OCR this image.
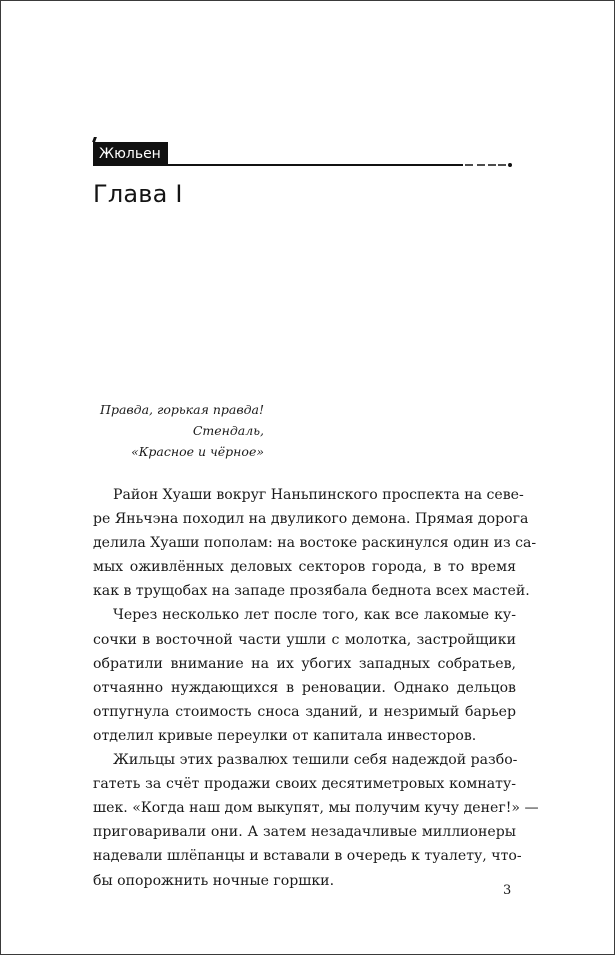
Жюльен
Глава I
Правда, горькая правда!
Стендаль,
«Красное и чёрное»

Район Хуаши вокруг Наньпинского проспекта на севе-
ре Яньчэна походил на двуликого демона. Прямая дорога
делила Хуаши пополам: на востоке раскинулся один из са-
мых оживлённых деловых секторов города, в то время
как в трущобах на западе прозябала беднота всех мастей.

Через несколько лет после того, как все лакомые ку-
сочки в восточной части ушли с молотка, застройщики
обратили внимание на их убогих западных собратьев,
отчаянно нуждающихся в реновации. Однако дельцов
отпугнула стоимость сноса зданий, и незримый барьер
отделил кривые переулки от капитала инвесторов.

Жильцы этих развалюх тешили себя надеждой разбо-
гатеть за счёт продажи своих десятиметровых комнату-
шек. «Когда наш дом выкупят, мы получим кучу денег!» —
приговаривали они. А затем незадачливые миллионеры
надевали шлёпанцы и вставали в очередь к туалету, что-
бы опорожнить ночные горшки.

3
